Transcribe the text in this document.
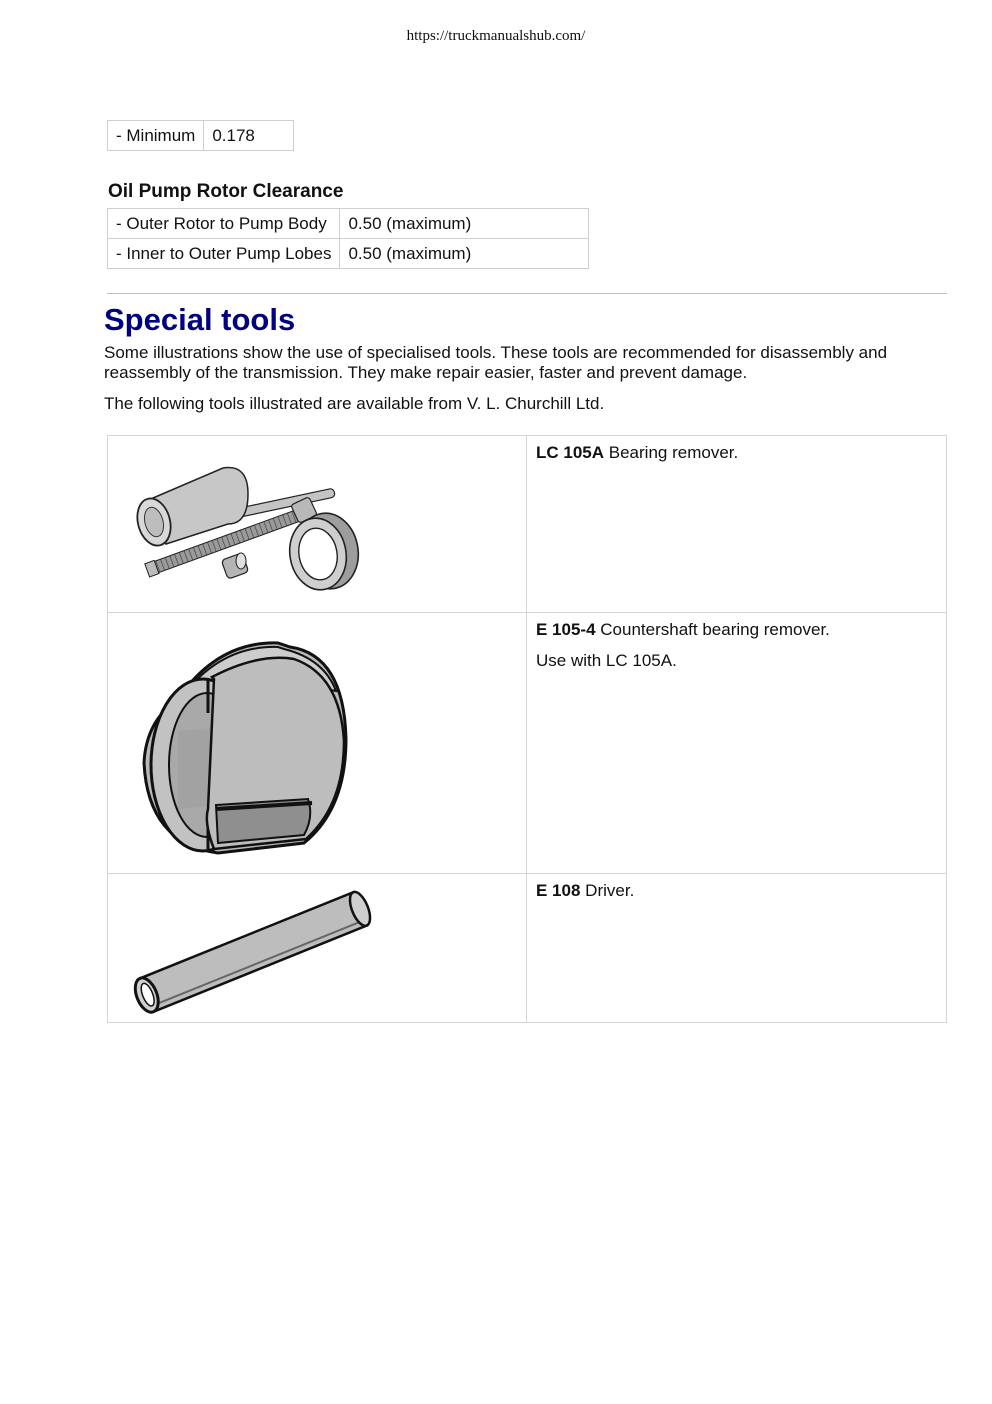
https://truckmanualshub.com/
- Minimum	0.178
Oil Pump Rotor Clearance
- Outer Rotor to Pump Body	0.50 (maximum)
- Inner to Outer Pump Lobes	0.50 (maximum)
Special tools

Some illustrations show the use of specialised tools. These tools are recommended for disassembly and reassembly of the transmission. They make repair easier, faster and prevent damage.

The following tools illustrated are available from V. L. Churchill Ltd.

LC 105A Bearing remover.

E 105-4 Countershaft bearing remover.

Use with LC 105A.

E 108 Driver.
